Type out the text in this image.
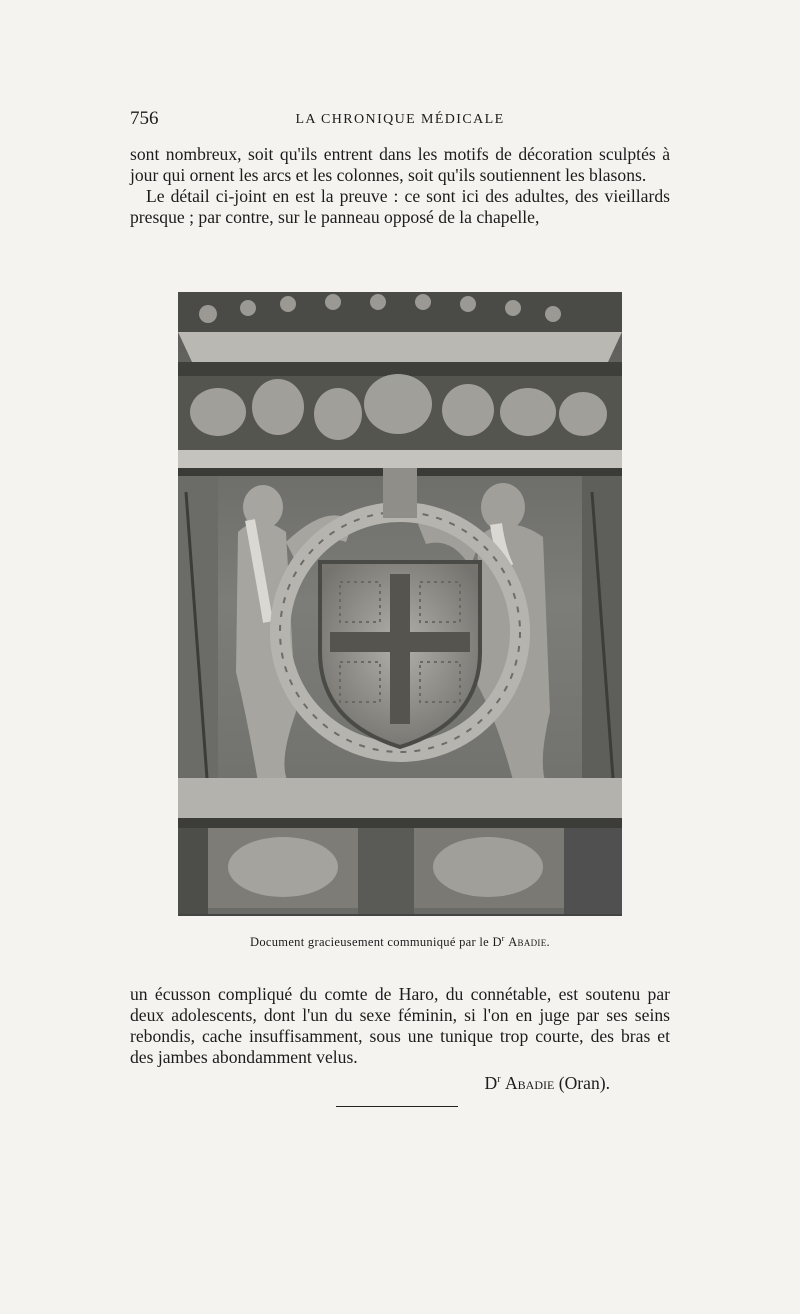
756	LA CHRONIQUE MÉDICALE

sont nombreux, soit qu'ils entrent dans les motifs de décoration sculptés à jour qui ornent les arcs et les colonnes, soit qu'ils soutiennent les blasons.

Le détail ci-joint en est la preuve : ce sont ici des adultes, des vieillards presque ; par contre, sur le panneau opposé de la chapelle,

Document gracieusement communiqué par le $D^r$ Abadie.

un écusson compliqué du comte de Haro, du connétable, est soutenu par deux adolescents, dont l'un du sexe féminin, si l'on en juge par ses seins rebondis, cache insuffisamment, sous une tunique trop courte, des bras et des jambes abondamment velus.

$D^r$ Abadie (Oran).
